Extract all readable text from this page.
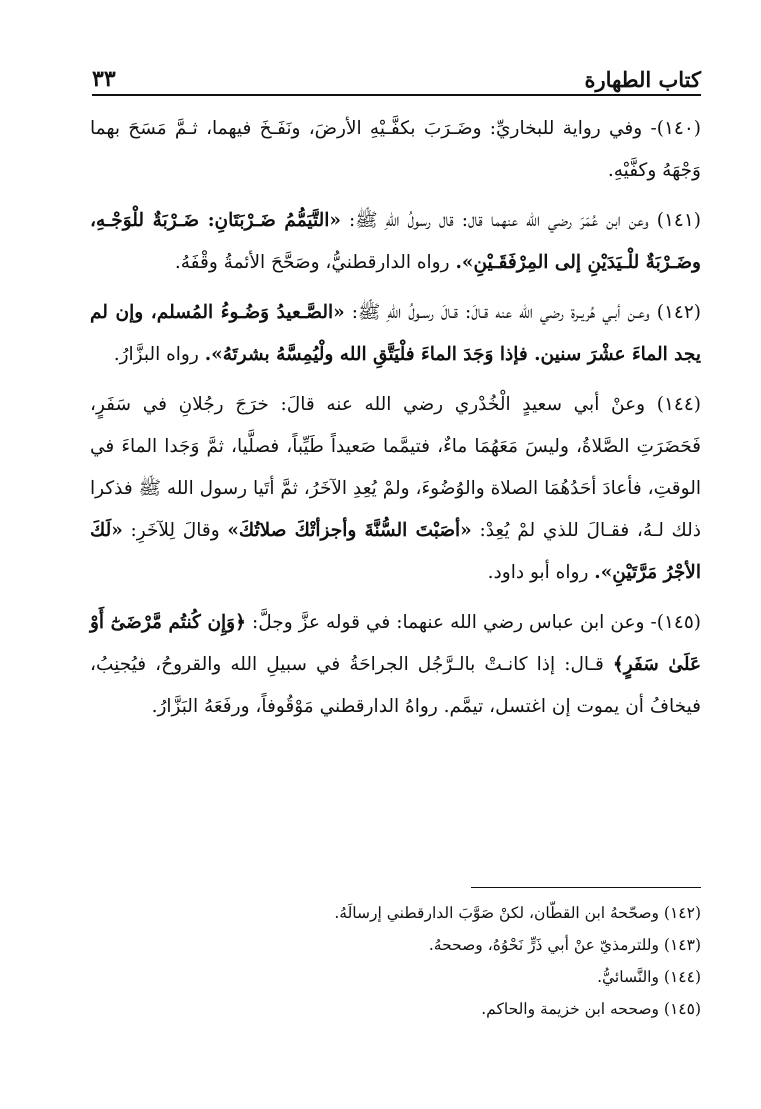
كتاب الطهارة
٣٣

(١٤٠)- وفي رواية للبخاريِّ: وضَـرَبَ بكفَّـيْهِ الأرضَ، ونَفَـخَ فيهما، ثـمَّ مَسَحَ بهما وَجْهَهُ وكفَّيْهِ.

(١٤١) وعن ابن عُمَرَ رضي الله عنهما قال: قال رسولُ اللهِ ﷺ: «التَّيَمُّمُ ضَـرْبَتَانِ: ضَـرْبَةٌ للْوَجْـهِ، وضَـرْبَةٌ للْـيَدَيْنِ إلى المِرْفَقَـيْنِ». رواه الدارقطنيُّ، وصَحَّحَ الأئمةُ وقْفَهُ.

(١٤٢) وعـن أبـي هُريـرة رضي الله عنه قـالَ: قـالَ رسـولُ اللهِ ﷺ: «الصَّـعيدُ وَضُـوءُ المُسلم، وإن لم يجد الماءَ عشْرَ سنين. فإذا وَجَدَ الماءَ فلْيَتَّقِ الله ولْيُمِسَّهُ بشرتَهُ». رواه البزَّارُ.

(١٤٤) وعنْ أبي سعيدٍ الْخُدْري رضي الله عنه قالَ: خرَجَ رجُلانِ في سَفَرٍ، فَحَضَرَتِ الصَّلاةُ، وليسَ مَعَهُمَا ماءٌ، فتيمَّما صَعيداً طَيِّباً، فصلَّيا، ثمَّ وَجَدا الماءَ في الوقتِ، فأعادَ أحَدُهُمَا الصلاة والوُضُوءَ، ولمْ يُعِدِ الآخَرُ، ثمَّ أتَيا رسول الله ﷺ فذكرا ذلك لـهُ، فقـالَ للذي لمْ يُعِدْ: «أصَبْتَ السُّنَّةَ وأجزأتْكَ صلاتُكَ» وقالَ لِلآخَرِ: «لَكَ الأجْرُ مَرَّتَيْنِ». رواه أبو داود.

(١٤٥)- وعن ابن عباس رضي الله عنهما: في قوله عزَّ وجلَّ: ﴿وَإِن كُنتُم مَّرْضَىٰٓ أَوْ عَلَىٰ سَفَرٍ﴾ قـال: إذا كانـتْ بالـرَّجُل الجراحَةُ في سبيلِ الله والقروحُ، فيُجنِبُ، فيخافُ أن يموت إن اغتسل، تيمَّم. رواهُ الدارقطني مَوْقُوفاً، ورفَعَهُ البَزَّارُ.

(١٤٢) وصحّحهُ ابن القطّان، لكنْ صَوَّبَ الدارقطني إرسالَهُ.

(١٤٣) وللترمذيّ عنْ أبي ذَرٍّ نَحْوُهُ، وصححهُ.

(١٤٤) والنَّسائيُّ.

(١٤٥) وصححه ابن خزيمة والحاكم.
